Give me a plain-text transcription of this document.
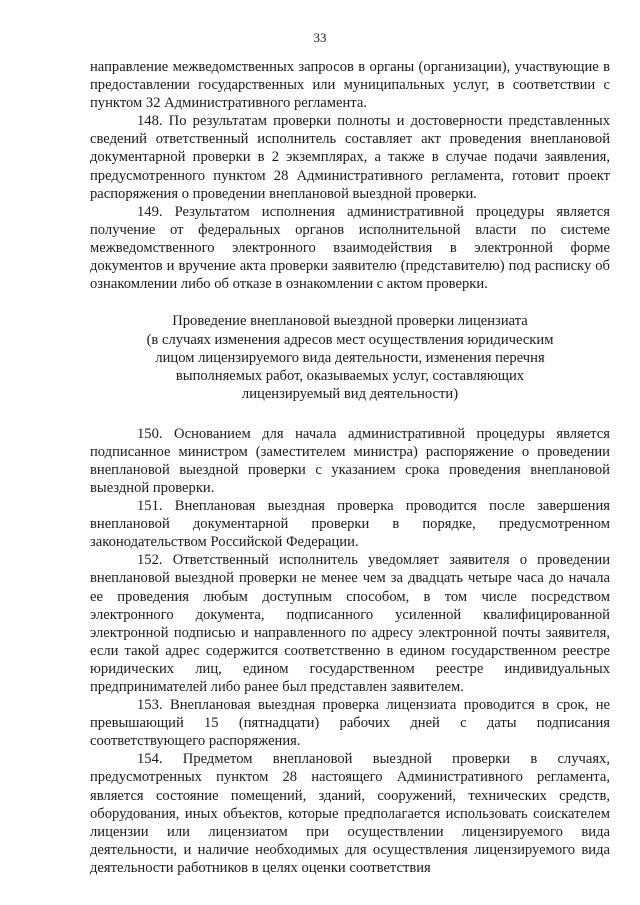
33

направление межведомственных запросов в органы (организации), участвующие в предоставлении государственных или муниципальных услуг, в соответствии с пунктом 32 Административного регламента.

148. По результатам проверки полноты и достоверности представленных сведений ответственный исполнитель составляет акт проведения внеплановой документарной проверки в 2 экземплярах, а также в случае подачи заявления, предусмотренного пунктом 28 Административного регламента, готовит проект распоряжения о проведении внеплановой выездной проверки.

149. Результатом исполнения административной процедуры является получение от федеральных органов исполнительной власти по системе межведомственного электронного взаимодействия в электронной форме документов и вручение акта проверки заявителю (представителю) под расписку об ознакомлении либо об отказе в ознакомлении с актом проверки.

Проведение внеплановой выездной проверки лицензиата
(в случаях изменения адресов мест осуществления юридическим
лицом лицензируемого вида деятельности, изменения перечня
выполняемых работ, оказываемых услуг, составляющих
лицензируемый вид деятельности)

150. Основанием для начала административной процедуры является подписанное министром (заместителем министра) распоряжение о проведении внеплановой выездной проверки с указанием срока проведения внеплановой выездной проверки.

151. Внеплановая выездная проверка проводится после завершения внеплановой документарной проверки в порядке, предусмотренном законодательством Российской Федерации.

152. Ответственный исполнитель уведомляет заявителя о проведении внеплановой выездной проверки не менее чем за двадцать четыре часа до начала ее проведения любым доступным способом, в том числе посредством электронного документа, подписанного усиленной квалифицированной электронной подписью и направленного по адресу электронной почты заявителя, если такой адрес содержится соответственно в едином государственном реестре юридических лиц, едином государственном реестре индивидуальных предпринимателей либо ранее был представлен заявителем.

153. Внеплановая выездная проверка лицензиата проводится в срок, не превышающий 15 (пятнадцати) рабочих дней с даты подписания соответствующего распоряжения.

154. Предметом внеплановой выездной проверки в случаях, предусмотренных пунктом 28 настоящего Административного регламента, является состояние помещений, зданий, сооружений, технических средств, оборудования, иных объектов, которые предполагается использовать соискателем лицензии или лицензиатом при осуществлении лицензируемого вида деятельности, и наличие необходимых для осуществления лицензируемого вида деятельности работников в целях оценки соответствия
